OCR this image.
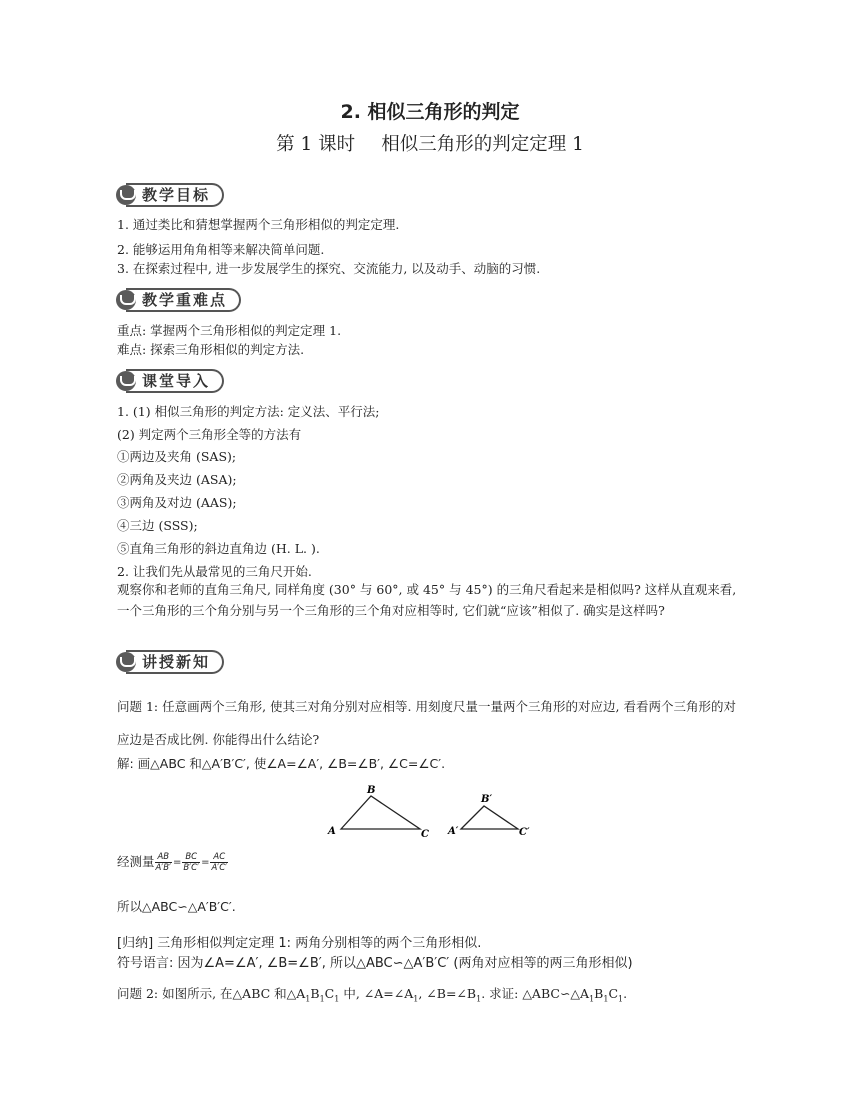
2. 相似三角形的判定
第 1 课时 相似三角形的判定定理 1
教学目标
1. 通过类比和猜想掌握两个三角形相似的判定定理.
2. 能够运用角角相等来解决简单问题.
3. 在探索过程中, 进一步发展学生的探究、交流能力, 以及动手、动脑的习惯.
教学重难点
重点: 掌握两个三角形相似的判定定理 1.
难点: 探索三角形相似的判定方法.
课堂导入
1. (1) 相似三角形的判定方法: 定义法、平行法;
(2) 判定两个三角形全等的方法有
①两边及夹角 (SAS);
②两角及夹边 (ASA);
③两角及对边 (AAS);
④三边 (SSS);
⑤直角三角形的斜边直角边 (H. L. ).
2. 让我们先从最常见的三角尺开始.
观察你和老师的直角三角尺, 同样角度 (30° 与 60°, 或 45° 与 45°) 的三角尺看起来是相似吗? 这样从直观来看, 一个三角形的三个角分别与另一个三角形的三个角对应相等时, 它们就“应该”相似了. 确实是这样吗?
讲授新知
问题 1: 任意画两个三角形, 使其三对角分别对应相等. 用刻度尺量一量两个三角形的对应边, 看看两个三角形的对应边是否成比例. 你能得出什么结论?
解: 画△ABC 和△A′B′C′, 使∠A=∠A′, ∠B=∠B′, ∠C=∠C′.
A
B
C A′
B′
C′
经测量 $\frac{AB}{A'B'} = \frac{BC}{B'C'} = \frac{AC}{A'C'}$
所以△ABC∽△A′B′C′.
[归纳] 三角形相似判定定理 1: 两角分别相等的两个三角形相似.
符号语言: 因为∠A=∠A′, ∠B=∠B′, 所以△ABC∽△A′B′C′ (两角对应相等的两三角形相似)
问题 2: 如图所示, 在△ABC 和$\triangle A_1B_1C_1$ 中, $\angle A=\angle A_1$, $\angle B=\angle B_1$. 求证: $\triangle ABC∽\triangle A_1B_1C_1$.
